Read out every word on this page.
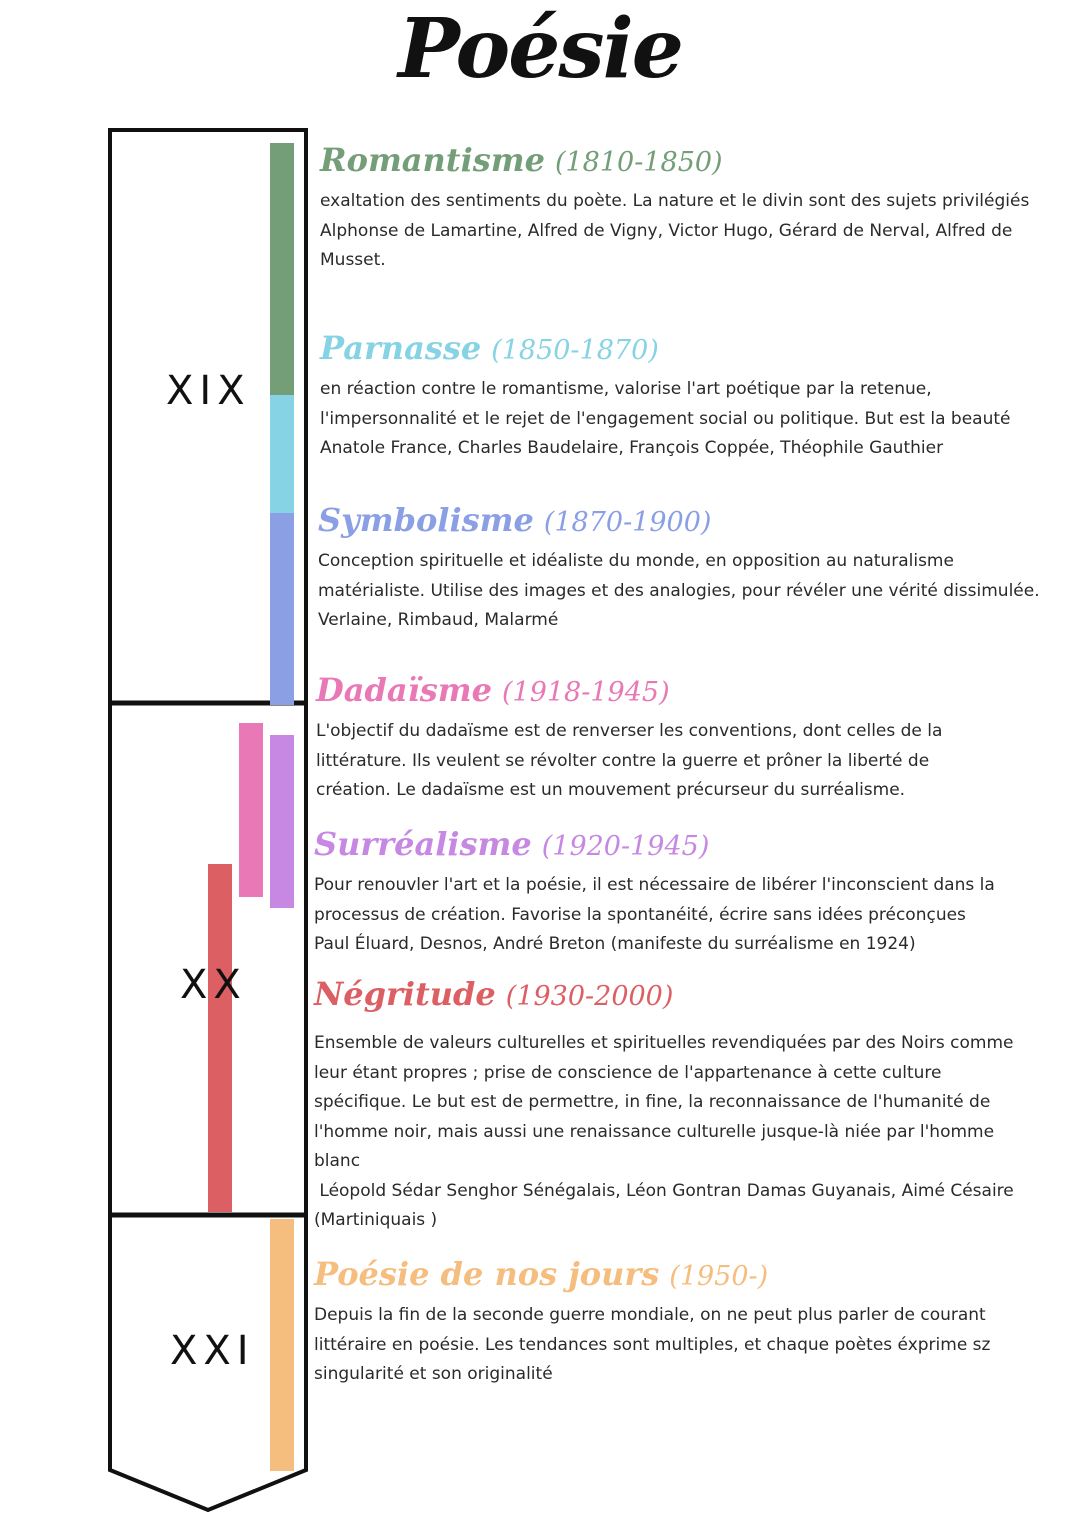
Poésie
XIX
XX
XXI
Romantisme (1810-1850)
exaltation des sentiments du poète. La nature et le divin sont des sujets privilégiés
Alphonse de Lamartine, Alfred de Vigny, Victor Hugo, Gérard de Nerval, Alfred de
Musset.
Parnasse (1850-1870)
en réaction contre le romantisme, valorise l'art poétique par la retenue,
l'impersonnalité et le rejet de l'engagement social ou politique. But est la beauté
Anatole France, Charles Baudelaire, François Coppée, Théophile Gauthier
Symbolisme (1870-1900)
Conception spirituelle et idéaliste du monde, en opposition au naturalisme
matérialiste. Utilise des images et des analogies, pour révéler une vérité dissimulée.
Verlaine, Rimbaud, Malarmé
Dadaïsme (1918-1945)
L'objectif du dadaïsme est de renverser les conventions, dont celles de la
littérature. Ils veulent se révolter contre la guerre et prôner la liberté de
création. Le dadaïsme est un mouvement précurseur du surréalisme.
Surréalisme (1920-1945)
Pour renouvler l'art et la poésie, il est nécessaire de libérer l'inconscient dans la
processus de création. Favorise la spontanéité, écrire sans idées préconçues
Paul Éluard, Desnos, André Breton (manifeste du surréalisme en 1924)
Négritude (1930-2000)
Ensemble de valeurs culturelles et spirituelles revendiquées par des Noirs comme
leur étant propres ; prise de conscience de l'appartenance à cette culture
spécifique. Le but est de permettre, in fine, la reconnaissance de l'humanité de
l'homme noir, mais aussi une renaissance culturelle jusque-là niée par l'homme
blanc
Léopold Sédar Senghor Sénégalais, Léon Gontran Damas Guyanais, Aimé Césaire
(Martiniquais )
Poésie de nos jours (1950-)
Depuis la fin de la seconde guerre mondiale, on ne peut plus parler de courant
littéraire en poésie. Les tendances sont multiples, et chaque poètes éxprime sz
singularité et son originalité
